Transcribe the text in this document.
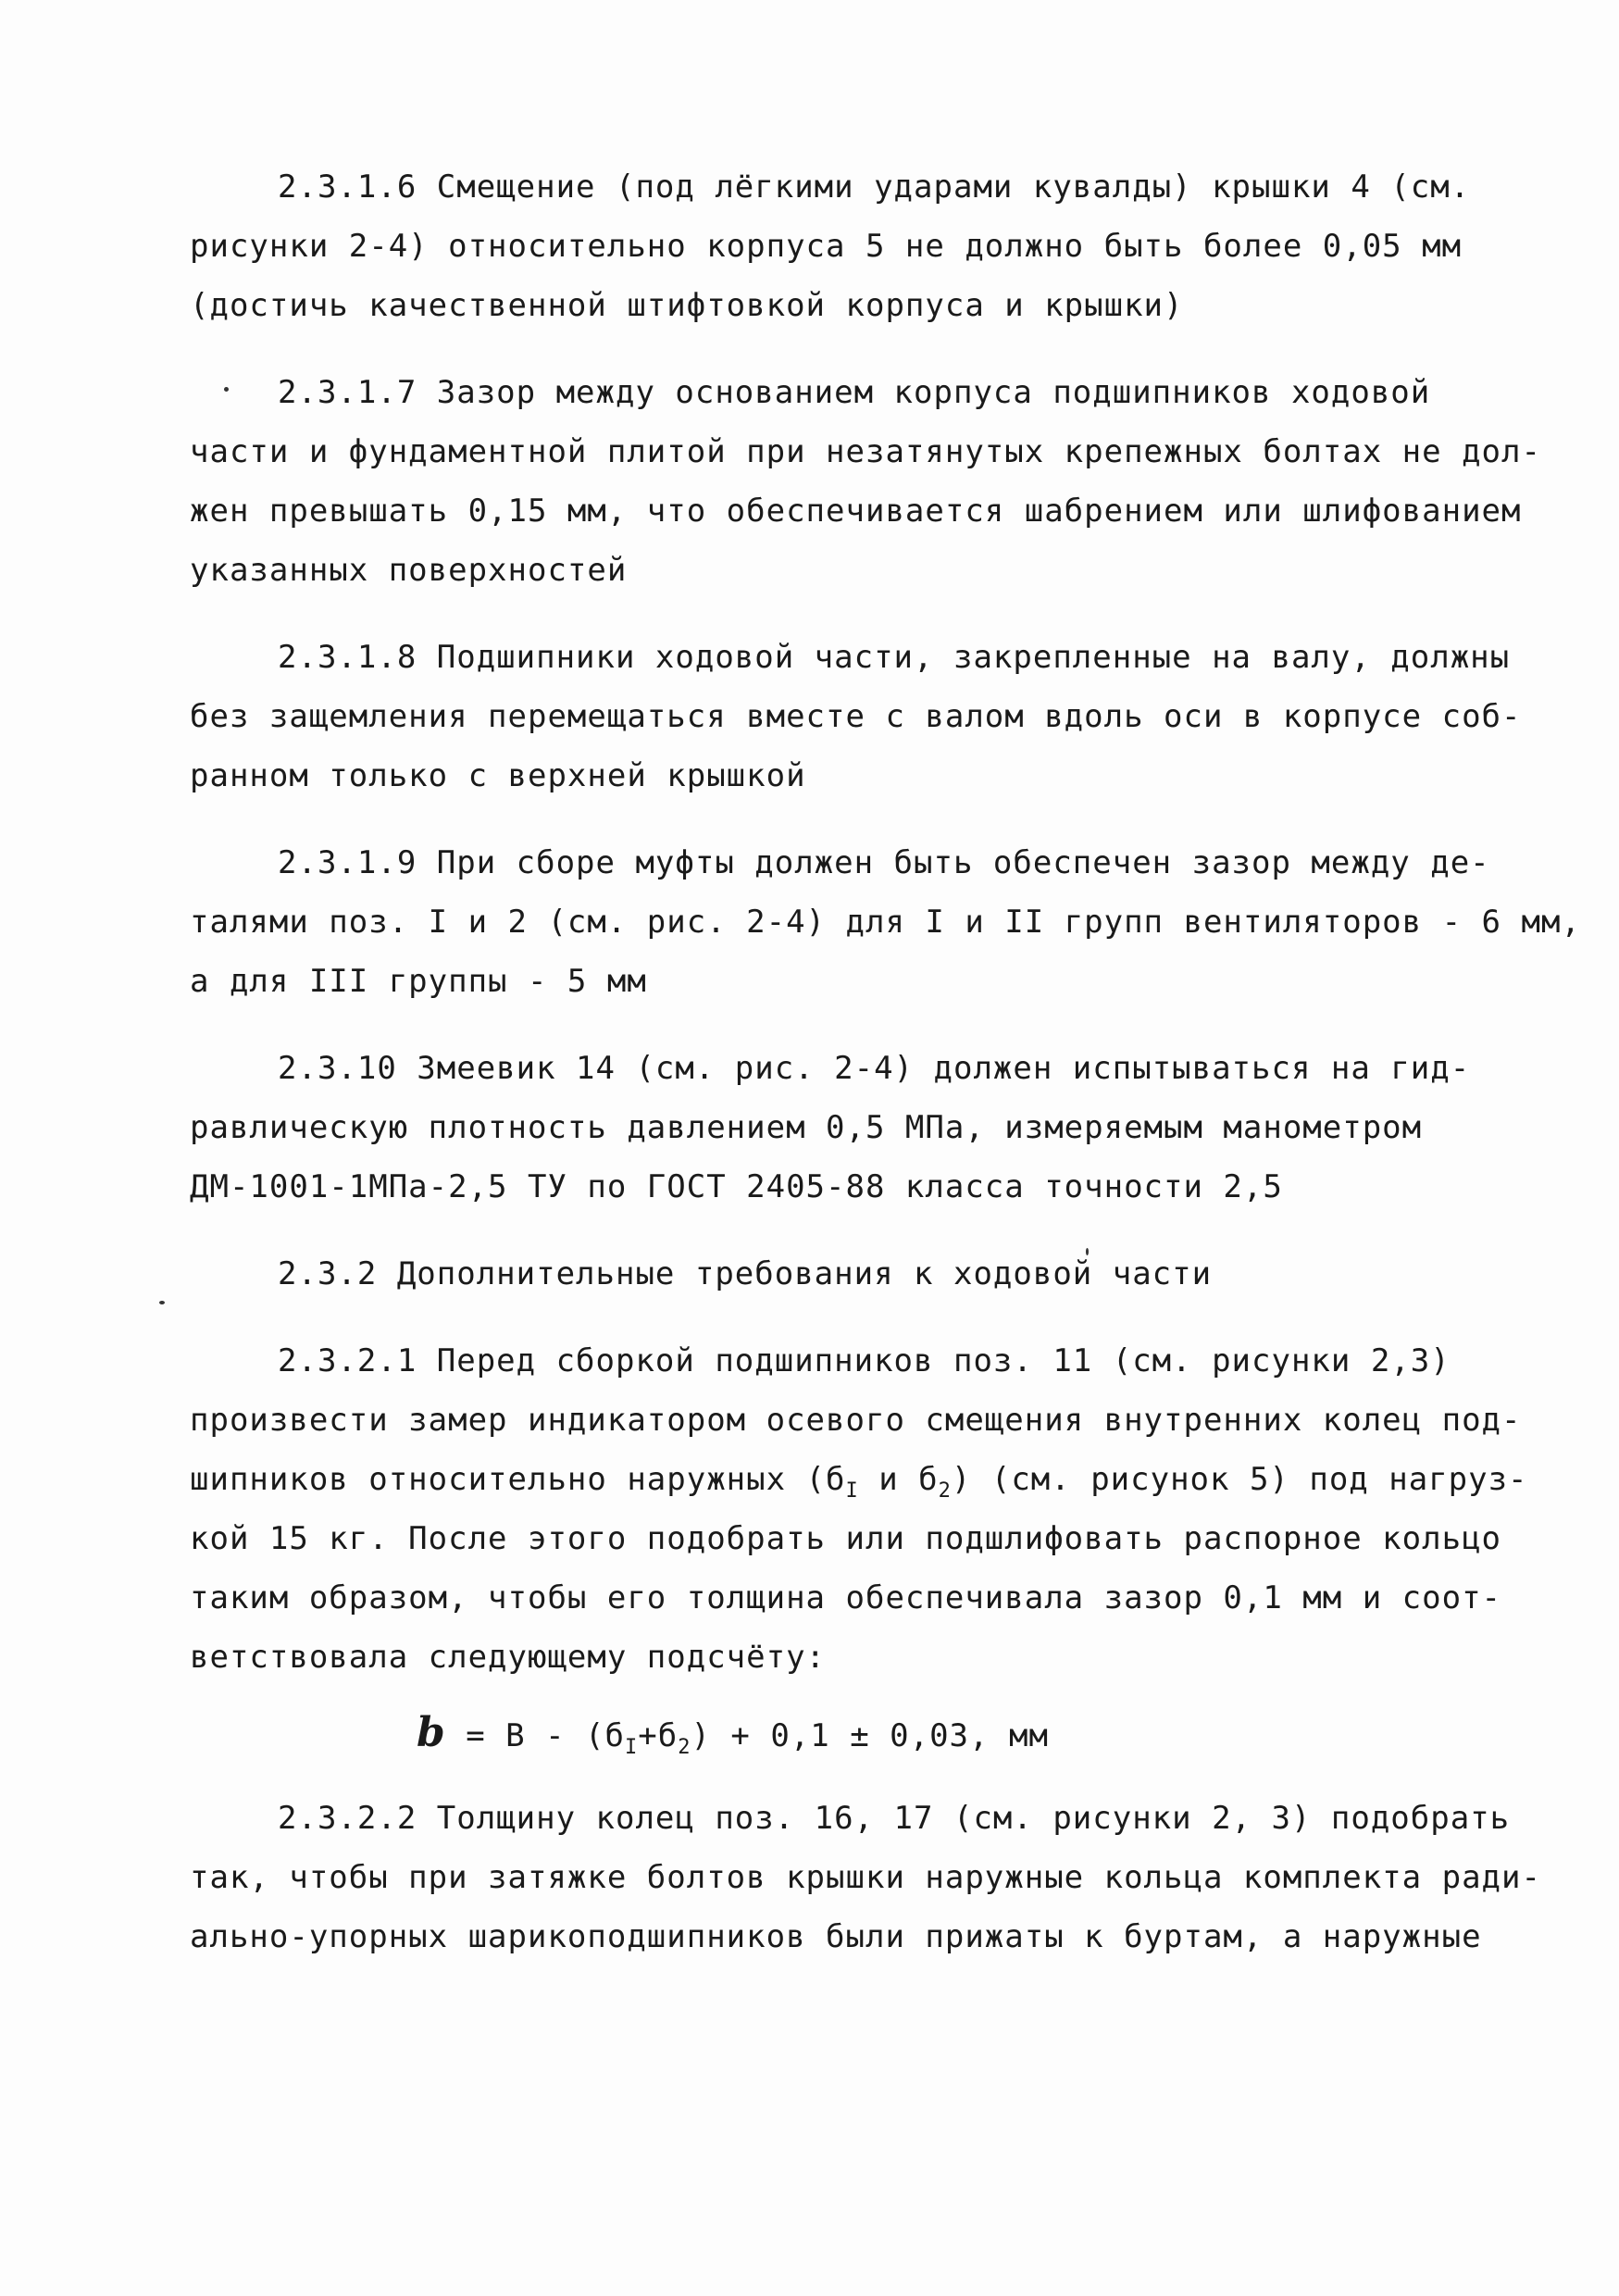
2.3.1.6 Смещение (под лёгкими ударами кувалды) крышки 4 (см.
рисунки 2-4) относительно корпуса 5 не должно быть более 0,05 мм
(достичь качественной штифтовкой корпуса и крышки)
2.3.1.7 Зазор между основанием корпуса подшипников ходовой
части и фундаментной плитой при незатянутых крепежных болтах не дол-
жен превышать 0,15 мм, что обеспечивается шабрением или шлифованием
указанных поверхностей
2.3.1.8 Подшипники ходовой части, закрепленные на валу, должны
без защемления перемещаться вместе с валом вдоль оси в корпусе соб-
ранном только с верхней крышкой
2.3.1.9 При сборе муфты должен быть обеспечен зазор между де-
талями поз. I и 2 (см. рис. 2-4) для I и II групп вентиляторов - 6 мм,
а для III группы - 5 мм
2.3.10 Змеевик 14 (см. рис. 2-4) должен испытываться на гид-
равлическую плотность давлением 0,5 МПа, измеряемым манометром
ДМ-1001-1МПа-2,5 ТУ по ГОСТ 2405-88 класса точности 2,5
2.3.2 Дополнительные требования к ходовой части
2.3.2.1 Перед сборкой подшипников поз. 11 (см. рисунки 2,3)
произвести замер индикатором осевого смещения внутренних колец под-
шипников относительно наружных ($б_I$ и $б_2$) (см. рисунок 5) под нагруз-
кой 15 кг. После этого подобрать или подшлифовать распорное кольцо
таким образом, чтобы его толщина обеспечивала зазор 0,1 мм и соот-
ветствовала следующему подсчёту:
$b = B - (б_I+б_2) + 0,1 \pm 0,03$, мм
2.3.2.2 Толщину колец поз. 16, 17 (см. рисунки 2, 3) подобрать
так, чтобы при затяжке болтов крышки наружные кольца комплекта ради-
ально-упорных шарикоподшипников были прижаты к буртам, а наружные
